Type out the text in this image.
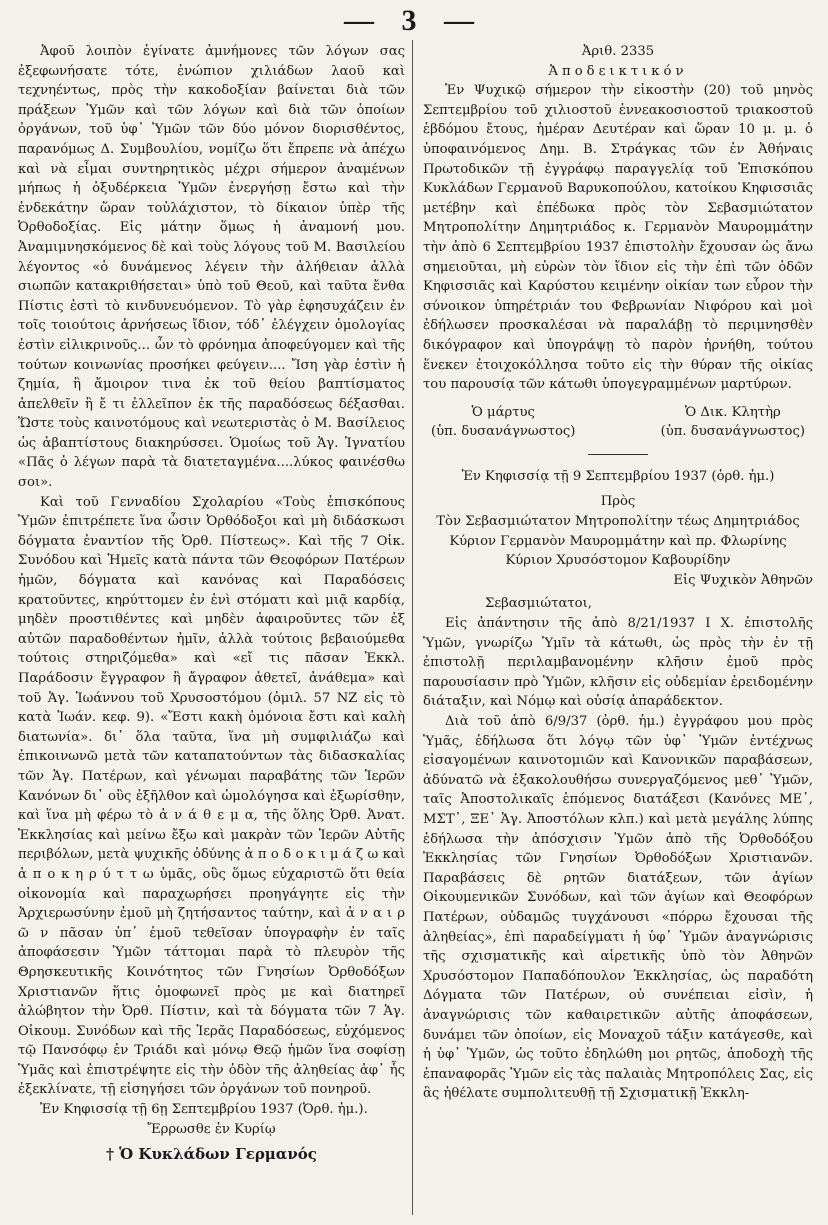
— 3 —

Ἀφοῦ λοιπὸν ἐγίνατε ἀμνήμονες τῶν λόγων σας ἐξεφωνήσατε τότε, ἐνώπιον χιλιάδων λαοῦ καὶ τεχνηέντως, πρὸς τὴν κακοδοξίαν βαίνεται διὰ τῶν πράξεων Ὑμῶν καὶ τῶν λόγων καὶ διὰ τῶν ὁποίων ὀργάνων, τοῦ ὑφ᾽ Ὑμῶν τῶν δύο μόνον διορισθέντος, παρανόμως Δ. Συμβουλίου, νομίζω ὅτι ἔπρεπε νὰ ἀπέχω καὶ νὰ εἶμαι συντηρητικὸς μέχρι σήμερον ἀναμένων μήπως ἡ ὀξυδέρκεια Ὑμῶν ἐνεργήσῃ ἔστω καὶ τὴν ἐνδεκάτην ὥραν τοὐλάχιστον, τὸ δίκαιον ὑπὲρ τῆς Ὀρθοδοξίας. Εἰς μάτην ὅμως ἡ ἀναμονή μου. Ἀναμιμνησκόμενος δὲ καὶ τοὺς λόγους τοῦ Μ. Βασιλείου λέγοντος «ὁ δυνάμενος λέγειν τὴν ἀλήθειαν ἀλλὰ σιωπῶν κατακριθήσεται» ὑπὸ τοῦ Θεοῦ, καὶ ταῦτα ἔνθα Πίστις ἐστὶ τὸ κινδυνευόμενον. Τὸ γὰρ ἐφησυχάζειν ἐν τοῖς τοιούτοις ἀρνήσεως ἴδιον, τόδ᾽ ἐλέγχειν ὁμολογίας ἐστὶν εἰλικρινοῦς... ὧν τὸ φρόνημα ἀποφεύγομεν καὶ τῆς τούτων κοινωνίας προσήκει φεύγειν.... Ἴση γὰρ ἐστὶν ἡ ζημία, ἢ ἄμοιρον τινα ἐκ τοῦ θείου βαπτίσματος ἀπελθεῖν ἢ ἔ τι ἐλλεῖπον ἐκ τῆς παραδόσεως δέξασθαι. Ὥστε τοὺς καινοτόμους καὶ νεωτεριστὰς ὁ Μ. Βασίλειος ὡς ἀβαπτίστους διακηρύσσει. Ὁμοίως τοῦ Ἁγ. Ἰγνατίου «Πᾶς ὁ λέγων παρὰ τὰ διατεταγμένα....λύκος φαινέσθω σοι».

Καὶ τοῦ Γενναδίου Σχολαρίου «Τοὺς ἐπισκόπους Ὑμῶν ἐπιτρέπετε ἵνα ὦσιν Ὀρθόδοξοι καὶ μὴ διδάσκωσι δόγματα ἐναντίον τῆς Ὀρθ. Πίστεως». Καὶ τῆς 7 Οἰκ. Συνόδου καὶ Ἡμεῖς κατὰ πάντα τῶν Θεοφόρων Πατέρων ἡμῶν, δόγματα καὶ κανόνας καὶ Παραδόσεις κρατοῦντες, κηρύττομεν ἐν ἑνὶ στόματι καὶ μιᾷ καρδίᾳ, μηδὲν προστιθέντες καὶ μηδὲν ἀφαιροῦντες τῶν ἐξ αὐτῶν παραδοθέντων ἡμῖν, ἀλλὰ τούτοις βεβαιούμεθα τούτοις στηριζόμεθα» καὶ «εἴ τις πᾶσαν Ἐκκλ. Παράδοσιν ἔγγραφον ἢ ἄγραφον ἀθετεῖ, ἀνάθεμα» καὶ τοῦ Ἁγ. Ἰωάννου τοῦ Χρυσοστόμου (ὁμιλ. 57 ΝΖ εἰς τὸ κατὰ Ἰωάν. κεφ. 9). «Ἔστι κακὴ ὁμόνοια ἔστι καὶ καλὴ διατωνία». δι᾽ ὅλα ταῦτα, ἵνα μὴ συμφιλιάζω καὶ ἐπικοινωνῶ μετὰ τῶν καταπατούντων τὰς διδασκαλίας τῶν Ἁγ. Πατέρων, καὶ γένωμαι παραβάτης τῶν Ἱερῶν Κανόνων δι᾽ οὓς ἐξῆλθον καὶ ὡμολόγησα καὶ ἐξωρίσθην, καὶ ἵνα μὴ φέρω τὸ ἀ ν ά θ ε μ α, τῆς ὅλης Ὀρθ. Ἀνατ. Ἐκκλησίας καὶ μείνω ἔξω καὶ μακρὰν τῶν Ἱερῶν Αὐτῆς περιβόλων, μετὰ ψυχικῆς ὀδύνης ἀ π ο δ ο κ ι μ ά ζ ω καὶ ἀ π ο κ η ρ ύ τ τ ω ὑμᾶς, οὓς ὅμως εὐχαριστῶ ὅτι θεία οἰκονομία καὶ παραχωρήσει προηγάγητε εἰς τὴν Ἀρχιερωσύνην ἐμοῦ μὴ ζητήσαντος ταύτην, καὶ ἀ ν α ι ρ ῶ ν πᾶσαν ὑπ᾽ ἐμοῦ τεθεῖσαν ὑπογραφὴν ἐν ταῖς ἀποφάσεσιν Ὑμῶν τάττομαι παρὰ τὸ πλευρὸν τῆς Θρησκευτικῆς Κοινότητος τῶν Γνησίων Ὀρθοδόξων Χριστιανῶν ἥτις ὁμοφωνεῖ πρὸς με καὶ διατηρεῖ ἀλώβητον τὴν Ὀρθ. Πίστιν, καὶ τὰ δόγματα τῶν 7 Ἁγ. Οἰκουμ. Συνόδων καὶ τῆς Ἱερᾶς Παραδόσεως, εὐχόμενος τῷ Πανσόφῳ ἐν Τριάδι καὶ μόνῳ Θεῷ ἡμῶν ἵνα σοφίσῃ Ὑμᾶς καὶ ἐπιστρέψητε εἰς τὴν ὁδὸν τῆς ἀληθείας ἀφ᾽ ἧς ἐξεκλίνατε, τῇ εἰσηγήσει τῶν ὀργάνων τοῦ πονηροῦ.

Ἐν Κηφισσίᾳ τῇ 6ῃ Σεπτεμβρίου 1937 (Ὀρθ. ἡμ.).

Ἔρρωσθε ἐν Κυρίῳ

† Ὁ Κυκλάδων Γερμανός

Ἀριθ. 2335

Ἀποδεικτικόν

Ἐν Ψυχικῷ σήμερον τὴν εἰκοστὴν (20) τοῦ μηνὸς Σεπτεμβρίου τοῦ χιλιοστοῦ ἐννεακοσιοστοῦ τριακοστοῦ ἑβδόμου ἔτους, ἡμέραν Δευτέραν καὶ ὥραν 10 μ. μ. ὁ ὑποφαινόμενος Δημ. Β. Στράγκας τῶν ἐν Ἀθήναις Πρωτοδικῶν τῇ ἐγγράφῳ παραγγελίᾳ τοῦ Ἐπισκόπου Κυκλάδων Γερμανοῦ Βαρυκοπούλου, κατοίκου Κηφισσιᾶς μετέβην καὶ ἐπέδωκα πρὸς τὸν Σεβασμιώτατον Μητροπολίτην Δημητριάδος κ. Γερμανὸν Μαυρομμάτην τὴν ἀπὸ 6 Σεπτεμβρίου 1937 ἐπιστολὴν ἔχουσαν ὡς ἄνω σημειοῦται, μὴ εὑρὼν τὸν ἴδιον εἰς τὴν ἐπὶ τῶν ὁδῶν Κηφισσιᾶς καὶ Καρύστου κειμένην οἰκίαν των εὗρον τὴν σύνοικον ὑπηρέτριάν του Φεβρωνίαν Νιφόρου καὶ μοὶ ἐδήλωσεν προσκαλέσαι νὰ παραλάβῃ τὸ περιμνησθὲν δικόγραφον καὶ ὑπογράψῃ τὸ παρὸν ἠρνήθη, τούτου ἕνεκεν ἐτοιχοκόλλησα τοῦτο εἰς τὴν θύραν τῆς οἰκίας του παρουσίᾳ τῶν κάτωθι ὑπογεγραμμένων μαρτύρων.

Ὁ μάρτυς
(ὑπ. δυσανάγνωστος)
Ὁ Δικ. Κλητὴρ
(ὑπ. δυσανάγνωστος)

Ἐν Κηφισσίᾳ τῇ 9 Σεπτεμβρίου 1937 (ὀρθ. ἡμ.)

Πρὸς

Τὸν Σεβασμιώτατον Μητροπολίτην τέως Δημητριάδος

Κύριον Γερμανὸν Μαυρομμάτην καὶ πρ. Φλωρίνης

Κύριον Χρυσόστομον Καβουρίδην

Εἰς Ψυχικὸν Ἀθηνῶν

Σεβασμιώτατοι,

Εἰς ἀπάντησιν τῆς ἀπὸ 8/21/1937 Ι Χ. ἐπιστολῆς Ὑμῶν, γνωρίζω Ὑμῖν τὰ κάτωθι, ὡς πρὸς τὴν ἐν τῇ ἐπιστολῇ περιλαμβανομένην κλῆσιν ἐμοῦ πρὸς παρουσίασιν πρὸ Ὑμῶν, κλῆσιν εἰς οὐδεμίαν ἐρειδομένην διάταξιν, καὶ Νόμῳ καὶ οὐσίᾳ ἀπαράδεκτον.

Διὰ τοῦ ἀπὸ 6/9/37 (ὀρθ. ἡμ.) ἐγγράφου μου πρὸς Ὑμᾶς, ἐδήλωσα ὅτι λόγῳ τῶν ὑφ᾽ Ὑμῶν ἐντέχνως εἰσαγομένων καινοτομιῶν καὶ Κανονικῶν παραβάσεων, ἀδύνατῶ νὰ ἐξακολουθήσω συνεργαζόμενος μεθ᾽ Ὑμῶν, ταῖς Ἀποστολικαῖς ἑπόμενος διατάξεσι (Κανόνες ΜΕ᾽, ΜΣΤ᾽, ΞΕ᾽ Ἁγ. Ἀποστόλων κλπ.) καὶ μετὰ μεγάλης λύπης ἐδήλωσα τὴν ἀπόσχισιν Ὑμῶν ἀπὸ τῆς Ὀρθοδόξου Ἐκκλησίας τῶν Γνησίων Ὀρθοδόξων Χριστιανῶν. Παραβάσεις δὲ ρητῶν διατάξεων, τῶν ἁγίων Οἰκουμενικῶν Συνόδων, καὶ τῶν ἁγίων καὶ Θεοφόρων Πατέρων, οὐδαμῶς τυγχάνουσι «πόρρω ἔχουσαι τῆς ἀληθείας», ἐπὶ παραδείγματι ἡ ὑφ᾽ Ὑμῶν ἀναγνώρισις τῆς σχισματικῆς καὶ αἱρετικῆς ὑπὸ τὸν Ἀθηνῶν Χρυσόστομον Παπαδόπουλον Ἐκκλησίας, ὡς παραδότη Δόγματα τῶν Πατέρων, οὐ συνέπειαι εἰσὶν, ἡ ἀναγνώρισις τῶν καθαιρετικῶν αὐτῆς ἀποφάσεων, δυνάμει τῶν ὁποίων, εἰς Μοναχοῦ τάξιν κατάγεσθε, καὶ ἡ ὑφ᾽ Ὑμῶν, ὡς τοῦτο ἐδηλώθη μοι ρητῶς, ἀποδοχὴ τῆς ἐπαναφορᾶς Ὑμῶν εἰς τὰς παλαιὰς Μητροπόλεις Σας, εἰς ἃς ἠθέλατε συμπολιτευθῇ τῇ Σχισματικῇ Ἐκκλη-
